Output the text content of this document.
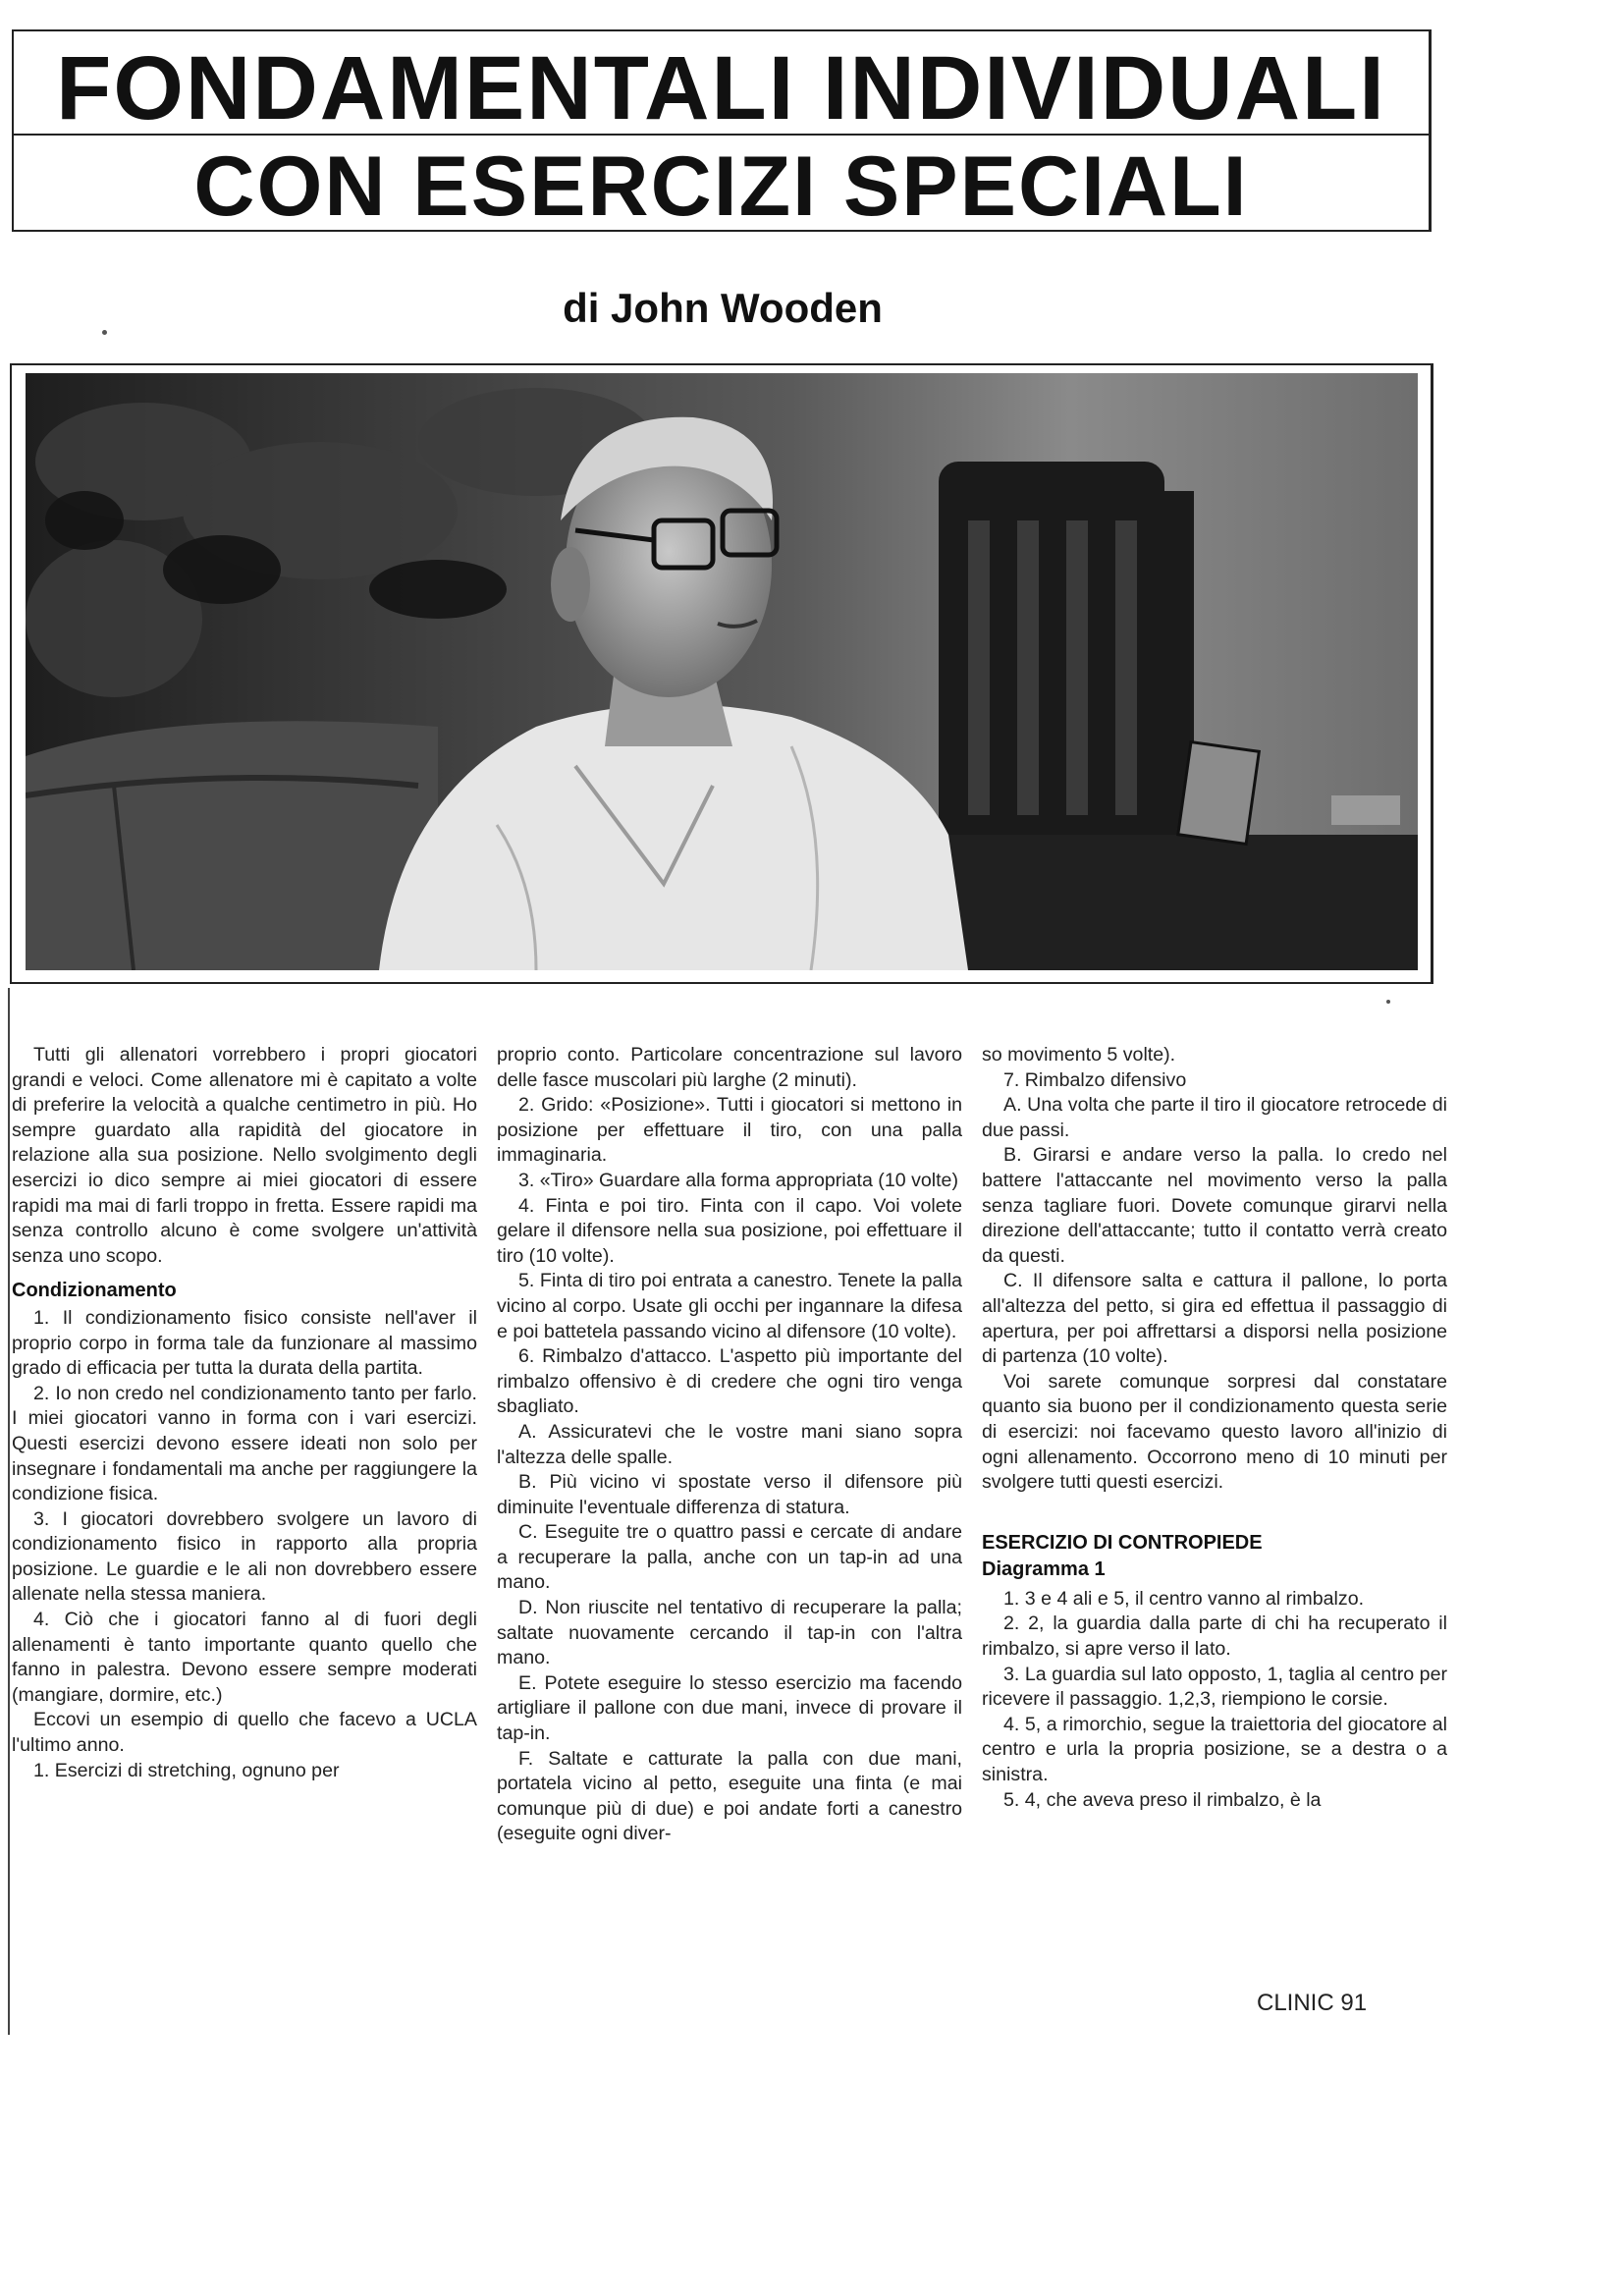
FONDAMENTALI INDIVIDUALI
CON ESERCIZI SPECIALI
di John Wooden

Tutti gli allenatori vorrebbero i propri giocatori grandi e veloci. Come allenatore mi è capitato a volte di preferire la velocità a qualche centimetro in più. Ho sempre guardato alla rapidità del giocatore in relazione alla sua posizione. Nello svolgimento degli esercizi io dico sempre ai miei giocatori di essere rapidi ma mai di farli troppo in fretta. Essere rapidi ma senza controllo alcuno è come svolgere un'attività senza uno scopo.

Condizionamento

1. Il condizionamento fisico consiste nell'aver il proprio corpo in forma tale da funzionare al massimo grado di efficacia per tutta la durata della partita.

2. Io non credo nel condizionamento tanto per farlo. I miei giocatori vanno in forma con i vari esercizi. Questi esercizi devono essere ideati non solo per insegnare i fondamentali ma anche per raggiungere la condizione fisica.

3. I giocatori dovrebbero svolgere un lavoro di condizionamento fisico in rapporto alla propria posizione. Le guardie e le ali non dovrebbero essere allenate nella stessa maniera.

4. Ciò che i giocatori fanno al di fuori degli allenamenti è tanto importante quanto quello che fanno in palestra. Devono essere sempre moderati (mangiare, dormire, etc.)

Eccovi un esempio di quello che facevo a UCLA l'ultimo anno.

1. Esercizi di stretching, ognuno per

proprio conto. Particolare concentrazione sul lavoro delle fasce muscolari più larghe (2 minuti).

2. Grido: «Posizione». Tutti i giocatori si mettono in posizione per effettuare il tiro, con una palla immaginaria.

3. «Tiro» Guardare alla forma appropriata (10 volte)

4. Finta e poi tiro. Finta con il capo. Voi volete gelare il difensore nella sua posizione, poi effettuare il tiro (10 volte).

5. Finta di tiro poi entrata a canestro. Tenete la palla vicino al corpo. Usate gli occhi per ingannare la difesa e poi battetela passando vicino al difensore (10 volte).

6. Rimbalzo d'attacco. L'aspetto più importante del rimbalzo offensivo è di credere che ogni tiro venga sbagliato.

A. Assicuratevi che le vostre mani siano sopra l'altezza delle spalle.

B. Più vicino vi spostate verso il difensore più diminuite l'eventuale differenza di statura.

C. Eseguite tre o quattro passi e cercate di andare a recuperare la palla, anche con un tap-in ad una mano.

D. Non riuscite nel tentativo di recuperare la palla; saltate nuovamente cercando il tap-in con l'altra mano.

E. Potete eseguire lo stesso esercizio ma facendo artigliare il pallone con due mani, invece di provare il tap-in.

F. Saltate e catturate la palla con due mani, portatela vicino al petto, eseguite una finta (e mai comunque più di due) e poi andate forti a canestro (eseguite ogni diver-

so movimento 5 volte).

7. Rimbalzo difensivo

A. Una volta che parte il tiro il giocatore retrocede di due passi.

B. Girarsi e andare verso la palla. Io credo nel battere l'attaccante nel movimento verso la palla senza tagliare fuori. Dovete comunque girarvi nella direzione dell'attaccante; tutto il contatto verrà creato da questi.

C. Il difensore salta e cattura il pallone, lo porta all'altezza del petto, si gira ed effettua il passaggio di apertura, per poi affrettarsi a disporsi nella posizione di partenza (10 volte).

Voi sarete comunque sorpresi dal constatare quanto sia buono per il condizionamento questa serie di esercizi: noi facevamo questo lavoro all'inizio di ogni allenamento. Occorrono meno di 10 minuti per svolgere tutti questi esercizi.

ESERCIZIO DI CONTROPIEDE
Diagramma 1

1. 3 e 4 ali e 5, il centro vanno al rimbalzo.

2. 2, la guardia dalla parte di chi ha recuperato il rimbalzo, si apre verso il lato.

3. La guardia sul lato opposto, 1, taglia al centro per ricevere il passaggio. 1,2,3, riempiono le corsie.

4. 5, a rimorchio, segue la traiettoria del giocatore al centro e urla la propria posizione, se a destra o a sinistra.

5. 4, che aveva preso il rimbalzo, è la

CLINIC 91
